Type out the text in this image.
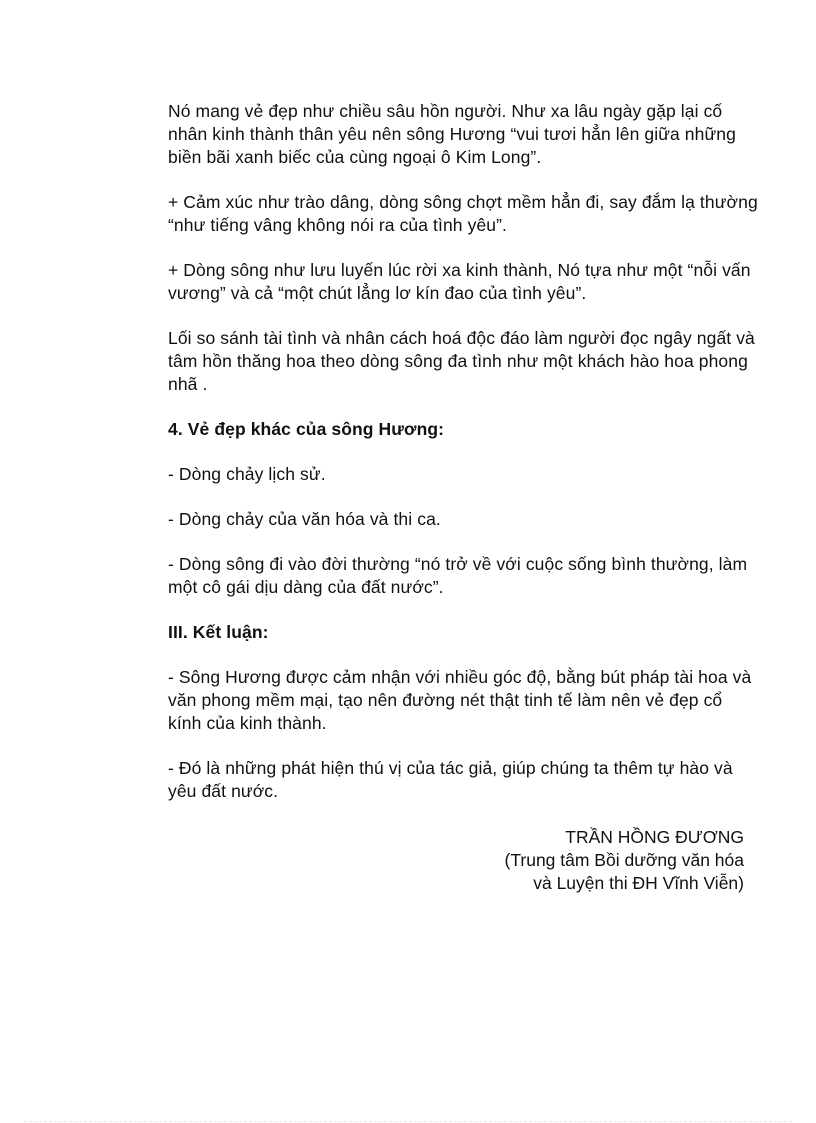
Nó mang vẻ đẹp như chiều sâu hồn người. Như xa lâu ngày gặp lại cố nhân kinh thành thân yêu nên sông Hương “vui tươi hẳn lên giữa những biền bãi xanh biếc của cùng ngoại ô Kim Long”.

+ Cảm xúc như trào dâng, dòng sông chợt mềm hẳn đi, say đắm lạ thường “như tiếng vâng không nói ra của tình yêu”.

+ Dòng sông như lưu luyến lúc rời xa kinh thành, Nó tựa như một “nỗi vấn vương” và cả “một chút lẳng lơ kín đao của tình yêu”.

Lối so sánh tài tình và nhân cách hoá độc đáo làm người đọc ngây ngất và tâm hồn thăng hoa theo dòng sông đa tình như một khách hào hoa phong nhã .

4. Vẻ đẹp khác của sông Hương:

- Dòng chảy lịch sử.

- Dòng chảy của văn hóa và thi ca.

- Dòng sông đi vào đời thường “nó trở về với cuộc sống bình thường, làm một cô gái dịu dàng của đất nước”.

III. Kết luận:

- Sông Hương được cảm nhận với nhiều góc độ, bằng bút pháp tài hoa và văn phong mềm mại, tạo nên đường nét thật tinh tế làm nên vẻ đẹp cổ kính của kinh thành.

- Đó là những phát hiện thú vị của tác giả, giúp chúng ta thêm tự hào và yêu đất nước.

TRẦN HỒNG ĐƯƠNG
(Trung tâm Bồi dưỡng văn hóa
và Luyện thi ĐH Vĩnh Viễn)
